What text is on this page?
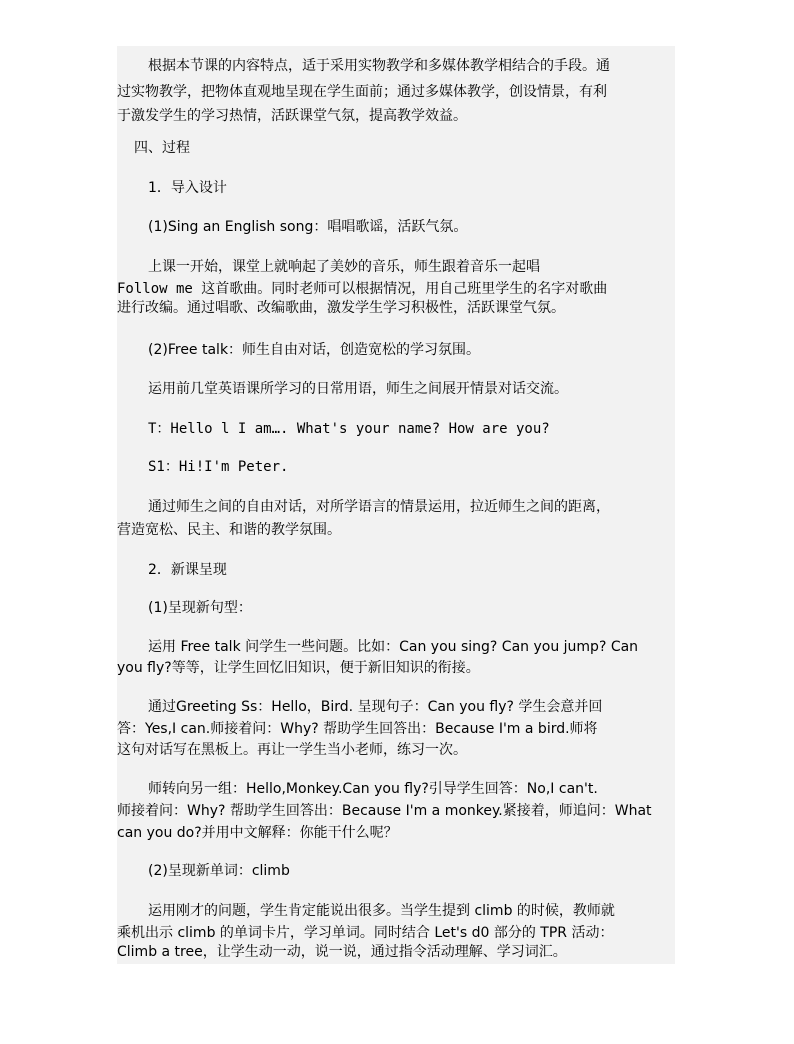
根据本节课的内容特点，适于采用实物教学和多媒体教学相结合的手段。通
过实物教学，把物体直观地呈现在学生面前；通过多媒体教学，创设情景，有利
于激发学生的学习热情，活跃课堂气氛，提高教学效益。
四、过程
1．导入设计
(1)Sing an English song：唱唱歌谣，活跃气氛。
上课一开始，课堂上就响起了美妙的音乐，师生跟着音乐一起唱
Follow me 这首歌曲。同时老师可以根据情况，用自己班里学生的名字对歌曲
进行改编。通过唱歌、改编歌曲，激发学生学习积极性，活跃课堂气氛。
(2)Free talk：师生自由对话，创造宽松的学习氛围。
运用前几堂英语课所学习的日常用语，师生之间展开情景对话交流。
T：Hello l I am…. What's your name? How are you?
S1：Hi!I'm Peter.
通过师生之间的自由对话，对所学语言的情景运用，拉近师生之间的距离，
营造宽松、民主、和谐的教学氛围。
2．新课呈现
(1)呈现新句型：
运用 Free talk 问学生一些问题。比如：Can you sing? Can you jump? Can
you fly?等等，让学生回忆旧知识，便于新旧知识的衔接。
通过Greeting Ss：Hello，Bird. 呈现句子：Can you fly? 学生会意并回
答：Yes,I can.师接着问：Why? 帮助学生回答出：Because I'm a bird.师将
这句对话写在黑板上。再让一学生当小老师，练习一次。
师转向另一组：Hello,Monkey.Can you fly?引导学生回答：No,I can't.
师接着问：Why? 帮助学生回答出：Because I'm a monkey.紧接着，师追问：What
can you do?并用中文解释：你能干什么呢？
(2)呈现新单词：climb
运用刚才的问题，学生肯定能说出很多。当学生提到 climb 的时候，教师就
乘机出示 climb 的单词卡片，学习单词。同时结合 Let's d0 部分的 TPR 活动：
Climb a tree，让学生动一动，说一说，通过指令活动理解、学习词汇。
